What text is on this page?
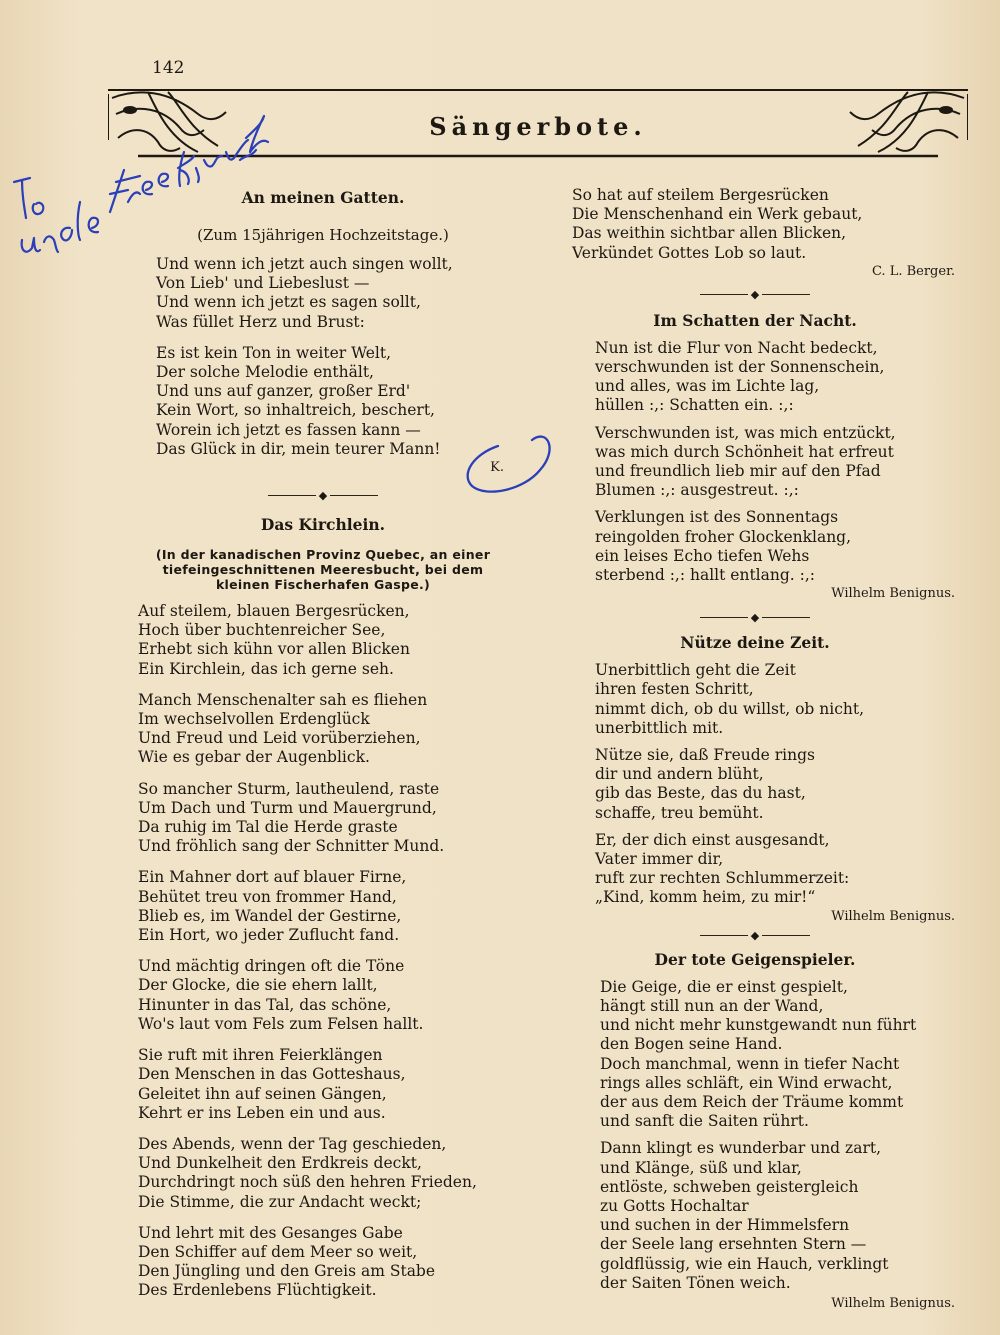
142
Sängerbote.

An meinen Gatten.

(Zum 15jährigen Hochzeitstage.)

Und wenn ich jetzt auch singen wollt,
Von Lieb' und Liebeslust —
Und wenn ich jetzt es sagen sollt,
Was füllet Herz und Brust:
Es ist kein Ton in weiter Welt,
Der solche Melodie enthält,
Und uns auf ganzer, großer Erd'
Kein Wort, so inhaltreich, beschert,
Worein ich jetzt es fassen kann —
Das Glück in dir, mein teurer Mann!

K.

◆

Das Kirchlein.

(In der kanadischen Provinz Quebec, an einer

tiefeingeschnittenen Meeresbucht, bei dem

kleinen Fischerhafen Gaspe.)

Auf steilem, blauen Bergesrücken,
Hoch über buchtenreicher See,
Erhebt sich kühn vor allen Blicken
Ein Kirchlein, das ich gerne seh.
Manch Menschenalter sah es fliehen
Im wechselvollen Erdenglück
Und Freud und Leid vorüberziehen,
Wie es gebar der Augenblick.
So mancher Sturm, lautheulend, raste
Um Dach und Turm und Mauergrund,
Da ruhig im Tal die Herde graste
Und fröhlich sang der Schnitter Mund.
Ein Mahner dort auf blauer Firne,
Behütet treu von frommer Hand,
Blieb es, im Wandel der Gestirne,
Ein Hort, wo jeder Zuflucht fand.
Und mächtig dringen oft die Töne
Der Glocke, die sie ehern lallt,
Hinunter in das Tal, das schöne,
Wo's laut vom Fels zum Felsen hallt.
Sie ruft mit ihren Feierklängen
Den Menschen in das Gotteshaus,
Geleitet ihn auf seinen Gängen,
Kehrt er ins Leben ein und aus.
Des Abends, wenn der Tag geschieden,
Und Dunkelheit den Erdkreis deckt,
Durchdringt noch süß den hehren Frieden,
Die Stimme, die zur Andacht weckt;
Und lehrt mit des Gesanges Gabe
Den Schiffer auf dem Meer so weit,
Den Jüngling und den Greis am Stabe
Des Erdenlebens Flüchtigkeit.
So hat auf steilem Bergesrücken
Die Menschenhand ein Werk gebaut,
Das weithin sichtbar allen Blicken,
Verkündet Gottes Lob so laut.

C. L. Berger.

◆

Im Schatten der Nacht.

Nun ist die Flur von Nacht bedeckt,
verschwunden ist der Sonnenschein,
und alles, was im Lichte lag,
hüllen :,: Schatten ein. :,:
Verschwunden ist, was mich entzückt,
was mich durch Schönheit hat erfreut
und freundlich lieb mir auf den Pfad
Blumen :,: ausgestreut. :,:
Verklungen ist des Sonnentags
reingolden froher Glockenklang,
ein leises Echo tiefen Wehs
sterbend :,: hallt entlang. :,:

Wilhelm Benignus.

◆

Nütze deine Zeit.

Unerbittlich geht die Zeit
ihren festen Schritt,
nimmt dich, ob du willst, ob nicht,
unerbittlich mit.
Nütze sie, daß Freude rings
dir und andern blüht,
gib das Beste, das du hast,
schaffe, treu bemüht.
Er, der dich einst ausgesandt,
Vater immer dir,
ruft zur rechten Schlummerzeit:
„Kind, komm heim, zu mir!“

Wilhelm Benignus.

◆

Der tote Geigenspieler.

Die Geige, die er einst gespielt,
hängt still nun an der Wand,
und nicht mehr kunstgewandt nun führt
den Bogen seine Hand.
Doch manchmal, wenn in tiefer Nacht
rings alles schläft, ein Wind erwacht,
der aus dem Reich der Träume kommt
und sanft die Saiten rührt.
Dann klingt es wunderbar und zart,
und Klänge, süß und klar,
entlöste, schweben geistergleich
zu Gotts Hochaltar
und suchen in der Himmelsfern
der Seele lang ersehnten Stern —
goldflüssig, wie ein Hauch, verklingt
der Saiten Tönen weich.

Wilhelm Benignus.
